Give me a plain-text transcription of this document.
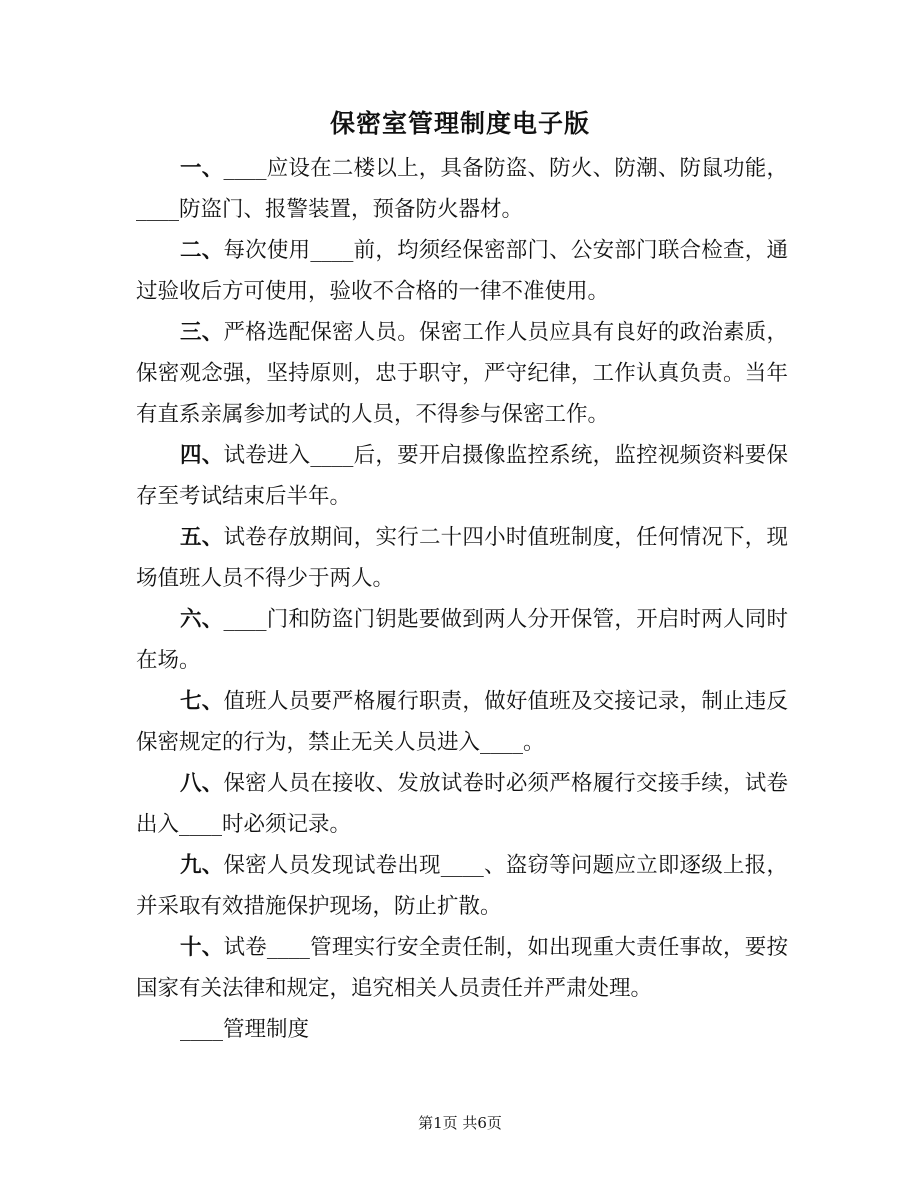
保密室管理制度电子版

一、____应设在二楼以上，具备防盗、防火、防潮、防鼠功能，____防盗门、报警装置，预备防火器材。

二、每次使用____前，均须经保密部门、公安部门联合检查，通过验收后方可使用，验收不合格的一律不准使用。

三、严格选配保密人员。保密工作人员应具有良好的政治素质，保密观念强，坚持原则，忠于职守，严守纪律，工作认真负责。当年有直系亲属参加考试的人员，不得参与保密工作。

四、试卷进入____后，要开启摄像监控系统，监控视频资料要保存至考试结束后半年。

五、试卷存放期间，实行二十四小时值班制度，任何情况下，现场值班人员不得少于两人。

六、____门和防盗门钥匙要做到两人分开保管，开启时两人同时在场。

七、值班人员要严格履行职责，做好值班及交接记录，制止违反保密规定的行为，禁止无关人员进入____。

八、保密人员在接收、发放试卷时必须严格履行交接手续，试卷出入____时必须记录。

九、保密人员发现试卷出现____、盗窃等问题应立即逐级上报，并采取有效措施保护现场，防止扩散。

十、试卷____管理实行安全责任制，如出现重大责任事故，要按国家有关法律和规定，追究相关人员责任并严肃处理。

____管理制度

第1页 共6页
